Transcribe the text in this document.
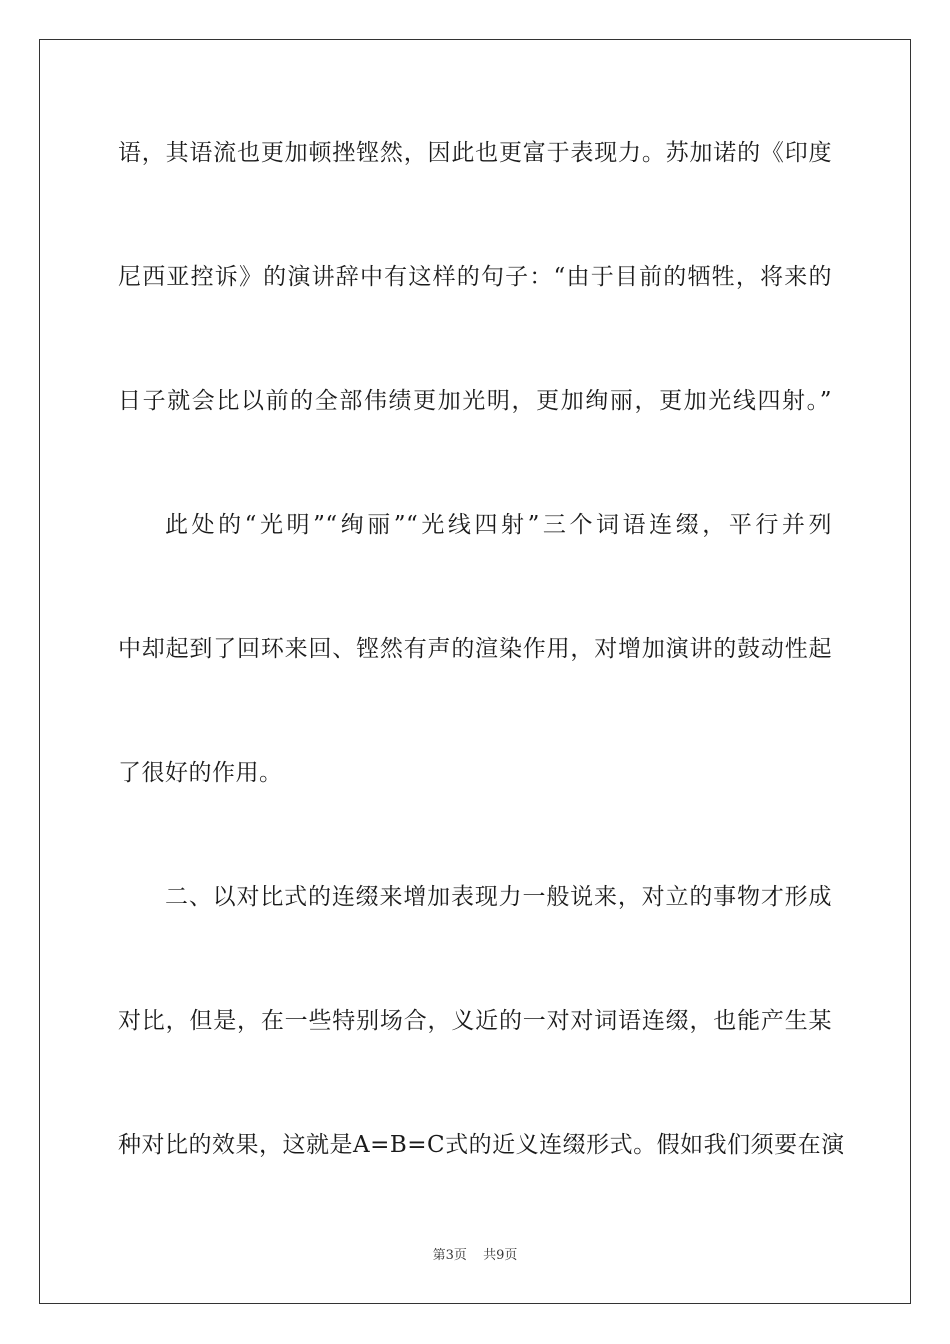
语，其语流也更加顿挫铿然，因此也更富于表现力。苏加诺的《印度
尼西亚控诉》的演讲辞中有这样的句子：“由于目前的牺牲，将来的
日子就会比以前的全部伟绩更加光明，更加绚丽，更加光线四射。”
此处的“光明”“绚丽”“光线四射”三个词语连缀，平行并列
中却起到了回环来回、铿然有声的渲染作用，对增加演讲的鼓动性起
了很好的作用。
二、以对比式的连缀来增加表现力一般说来，对立的事物才形成
对比，但是，在一些特别场合，义近的一对对词语连缀，也能产生某
种对比的效果，这就是A=B=C式的近义连缀形式。假如我们须要在演
第3页 共9页
